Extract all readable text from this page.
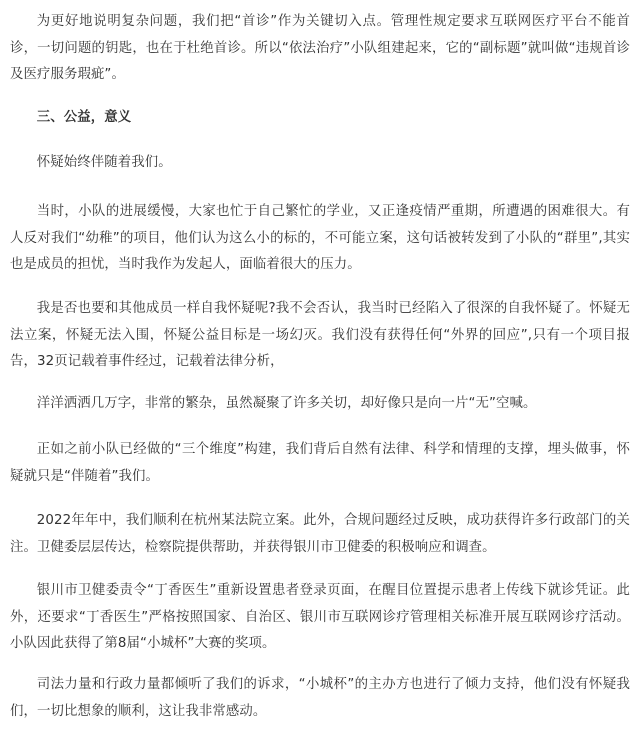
为更好地说明复杂问题，我们把“首诊”作为关键切入点。管理性规定要求互联网医疗平台不能首诊，一切问题的钥匙，也在于杜绝首诊。所以“依法治疗”小队组建起来，它的“副标题”就叫做“违规首诊及医疗服务瑕疵”。

三、公益，意义

怀疑始终伴随着我们。

当时，小队的进展缓慢，大家也忙于自己繁忙的学业，又正逢疫情严重期，所遭遇的困难很大。有人反对我们“幼稚”的项目，他们认为这么小的标的，不可能立案，这句话被转发到了小队的“群里”,其实也是成员的担忧，当时我作为发起人，面临着很大的压力。

我是否也要和其他成员一样自我怀疑呢?我不会否认，我当时已经陷入了很深的自我怀疑了。怀疑无法立案，怀疑无法入围，怀疑公益目标是一场幻灭。我们没有获得任何“外界的回应”,只有一个项目报告，32页记载着事件经过，记载着法律分析，

洋洋洒洒几万字，非常的繁杂，虽然凝聚了许多关切，却好像只是向一片“无”空喊。

正如之前小队已经做的“三个维度”构建，我们背后自然有法律、科学和情理的支撑，埋头做事，怀疑就只是“伴随着”我们。

2022年年中，我们顺利在杭州某法院立案。此外，合规问题经过反映，成功获得许多行政部门的关注。卫健委层层传达，检察院提供帮助，并获得银川市卫健委的积极响应和调查。

银川市卫健委责令“丁香医生”重新设置患者登录页面，在醒目位置提示患者上传线下就诊凭证。此外，还要求“丁香医生”严格按照国家、自治区、银川市互联网诊疗管理相关标准开展互联网诊疗活动。小队因此获得了第8届“小城杯”大赛的奖项。

司法力量和行政力量都倾听了我们的诉求，“小城杯”的主办方也进行了倾力支持，他们没有怀疑我们，一切比想象的顺利，这让我非常感动。
